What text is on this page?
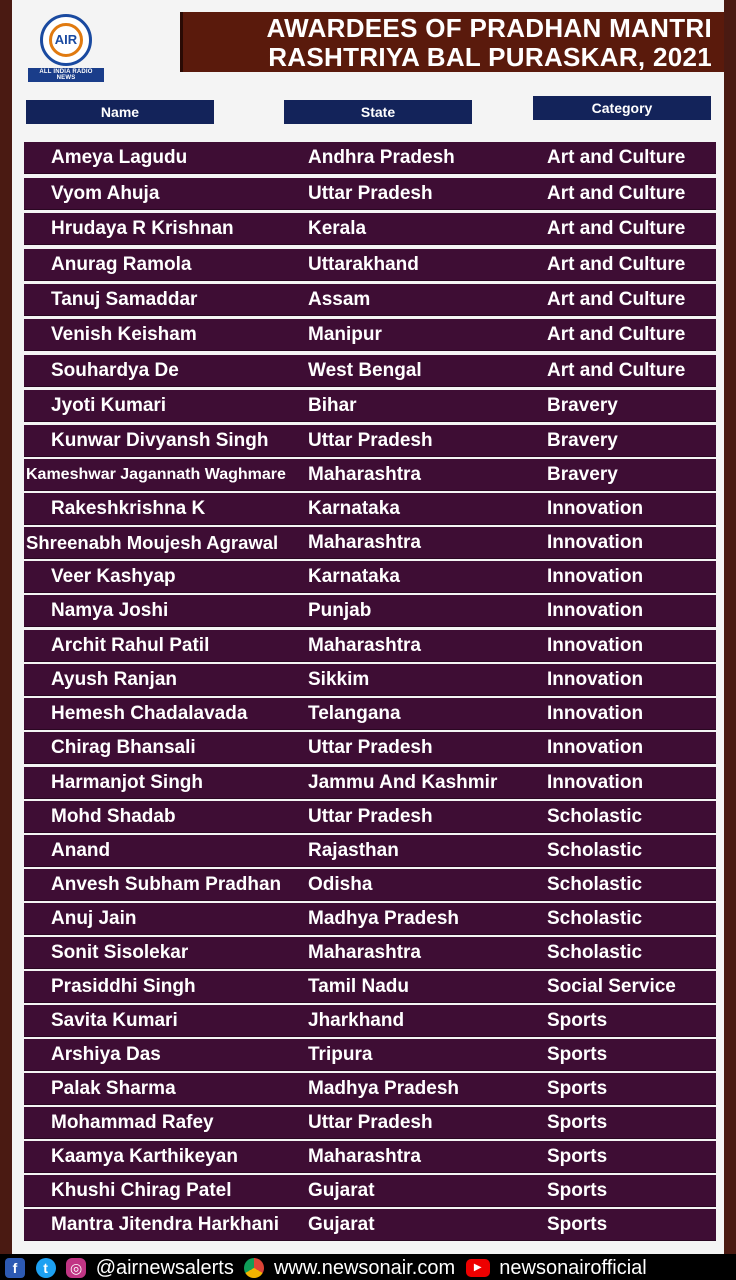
AIR
ALL INDIA RADIO NEWS
AWARDEES OF PRADHAN MANTRI
RASHTRIYA BAL PURASKAR, 2021
Name	State	Category
Ameya Lagudu	Andhra Pradesh	Art and Culture
Vyom Ahuja	Uttar Pradesh	Art and Culture
Hrudaya R Krishnan	Kerala	Art and Culture
Anurag Ramola	Uttarakhand	Art and Culture
Tanuj Samaddar	Assam	Art and Culture
Venish Keisham	Manipur	Art and Culture
Souhardya De	West Bengal	Art and Culture
Jyoti Kumari	Bihar	Bravery
Kunwar Divyansh Singh	Uttar Pradesh	Bravery
Kameshwar Jagannath Waghmare	Maharashtra	Bravery
Rakeshkrishna K	Karnataka	Innovation
Shreenabh Moujesh Agrawal	Maharashtra	Innovation
Veer Kashyap	Karnataka	Innovation
Namya Joshi	Punjab	Innovation
Archit Rahul Patil	Maharashtra	Innovation
Ayush Ranjan	Sikkim	Innovation
Hemesh Chadalavada	Telangana	Innovation
Chirag Bhansali	Uttar Pradesh	Innovation
Harmanjot Singh	Jammu And Kashmir	Innovation
Mohd Shadab	Uttar Pradesh	Scholastic
Anand	Rajasthan	Scholastic
Anvesh Subham Pradhan	Odisha	Scholastic
Anuj Jain	Madhya Pradesh	Scholastic
Sonit Sisolekar	Maharashtra	Scholastic
Prasiddhi Singh	Tamil Nadu	Social Service
Savita Kumari	Jharkhand	Sports
Arshiya Das	Tripura	Sports
Palak Sharma	Madhya Pradesh	Sports
Mohammad Rafey	Uttar Pradesh	Sports
Kaamya Karthikeyan	Maharashtra	Sports
Khushi Chirag Patel	Gujarat	Sports
Mantra Jitendra Harkhani	Gujarat	Sports
f t ◎ @airnewsalerts www.newsonair.com ▶ newsonairofficial
